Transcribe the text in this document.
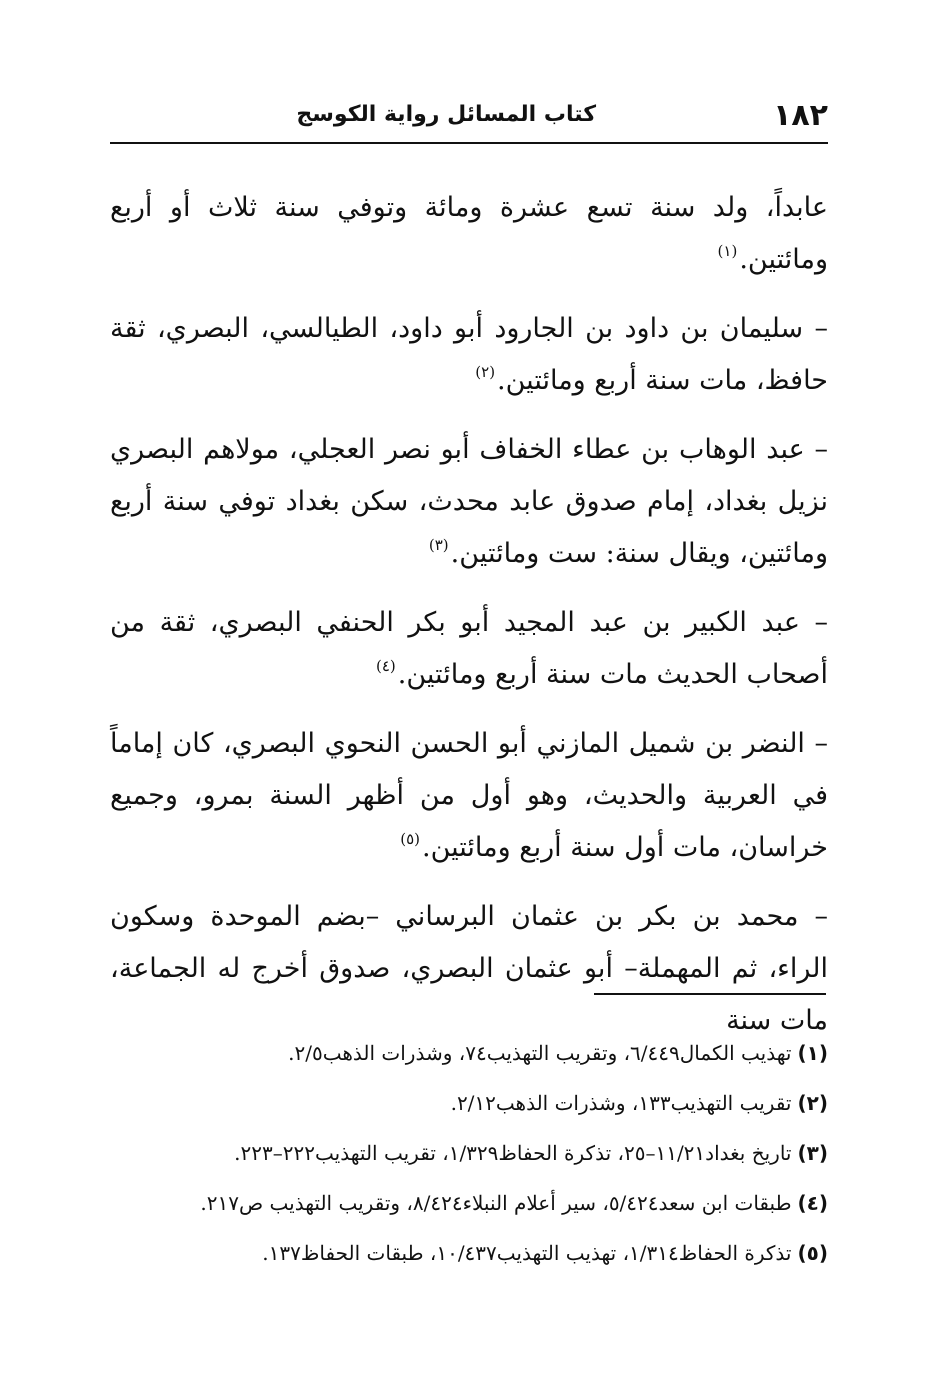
١٨٢
كتاب المسائل رواية الكوسج

عابداً، ولد سنة تسع عشرة ومائة وتوفي سنة ثلاث أو أربع ومائتين.$^{(١)}$

– سليمان بن داود بن الجارود أبو داود، الطيالسي، البصري، ثقة حافظ، مات سنة أربع ومائتين.$^{(٢)}$

– عبد الوهاب بن عطاء الخفاف أبو نصر العجلي، مولاهم البصري نزيل بغداد، إمام صدوق عابد محدث، سكن بغداد توفي سنة أربع ومائتين، ويقال سنة: ست ومائتين.$^{(٣)}$

– عبد الكبير بن عبد المجيد أبو بكر الحنفي البصري، ثقة من أصحاب الحديث مات سنة أربع ومائتين.$^{(٤)}$

– النضر بن شميل المازني أبو الحسن النحوي البصري، كان إماماً في العربية والحديث، وهو أول من أظهر السنة بمرو، وجميع خراسان، مات أول سنة أربع ومائتين.$^{(٥)}$

– محمد بن بكر بن عثمان البرساني –بضم الموحدة وسكون الراء، ثم المهملة– أبو عثمان البصري، صدوق أخرج له الجماعة، مات سنة

(١)تهذيب الكمال٦/٤٤٩، وتقريب التهذيب٧٤، وشذرات الذهب٢/٥.
(٢)تقريب التهذيب١٣٣، وشذرات الذهب٢/١٢.
(٣)تاريخ بغداد١١/٢١–٢٥، تذكرة الحفاظ١/٣٢٩، تقريب التهذيب٢٢٢–٢٢٣.
(٤)طبقات ابن سعد٥/٤٢٤، سير أعلام النبلاء٨/٤٢٤، وتقريب التهذيب ص٢١٧.
(٥)تذكرة الحفاظ١/٣١٤، تهذيب التهذيب١٠/٤٣٧، طبقات الحفاظ١٣٧.
